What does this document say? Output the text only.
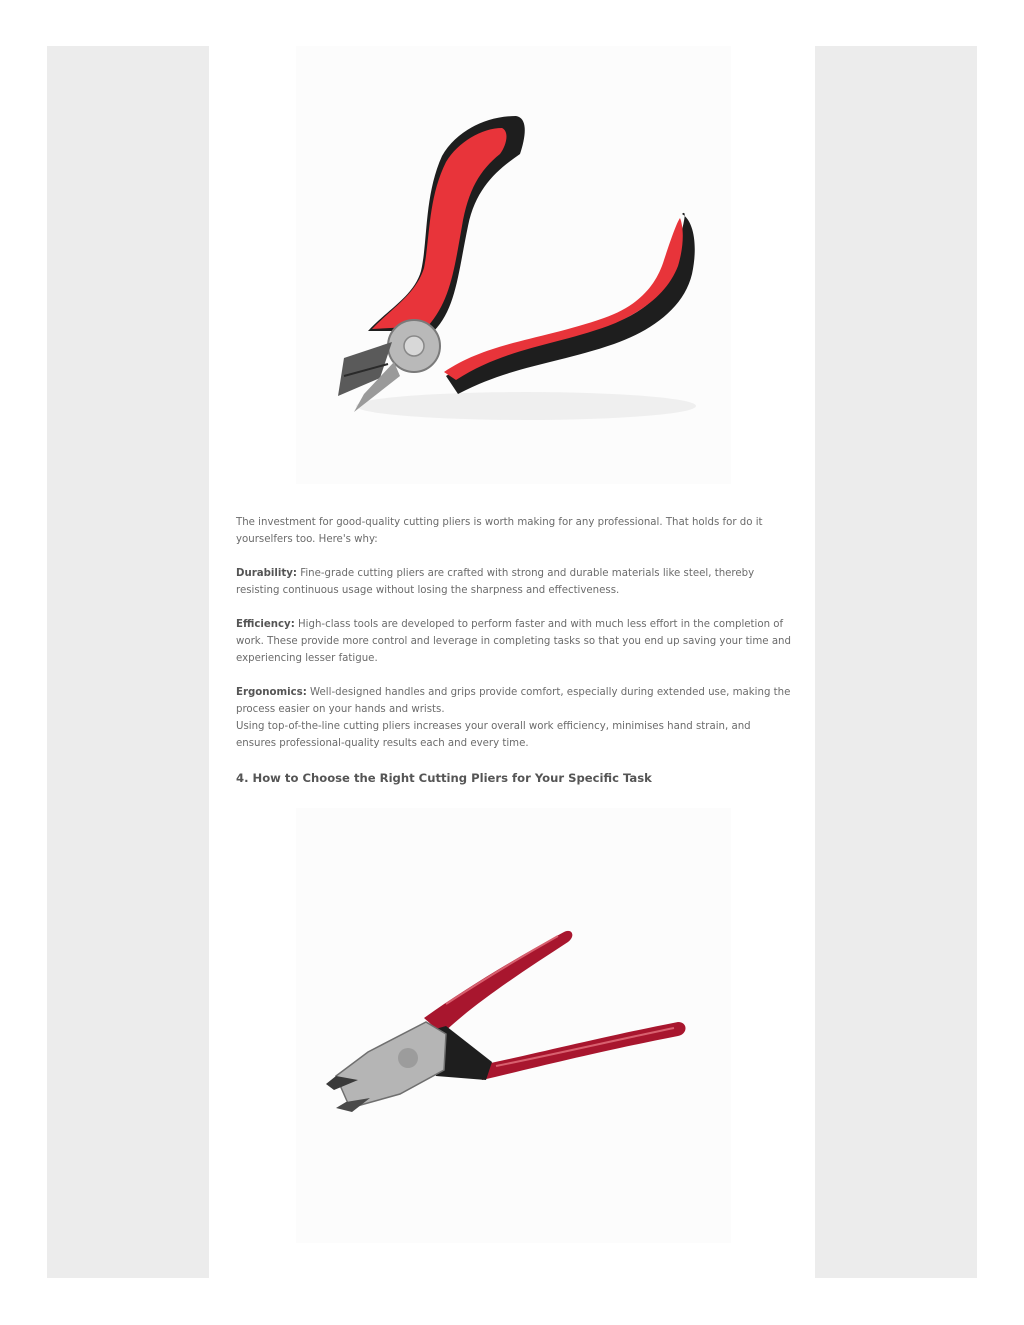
The investment for good-quality cutting pliers is worth making for any professional. That holds for do it yourselfers too. Here's why:

Durability: Fine-grade cutting pliers are crafted with strong and durable materials like steel, thereby resisting continuous usage without losing the sharpness and effectiveness.

Efficiency: High-class tools are developed to perform faster and with much less effort in the completion of work. These provide more control and leverage in completing tasks so that you end up saving your time and experiencing lesser fatigue.

Ergonomics: Well-designed handles and grips provide comfort, especially during extended use, making the process easier on your hands and wrists.

Using top-of-the-line cutting pliers increases your overall work efficiency, minimises hand strain, and ensures professional-quality results each and every time.

4. How to Choose the Right Cutting Pliers for Your Specific Task
